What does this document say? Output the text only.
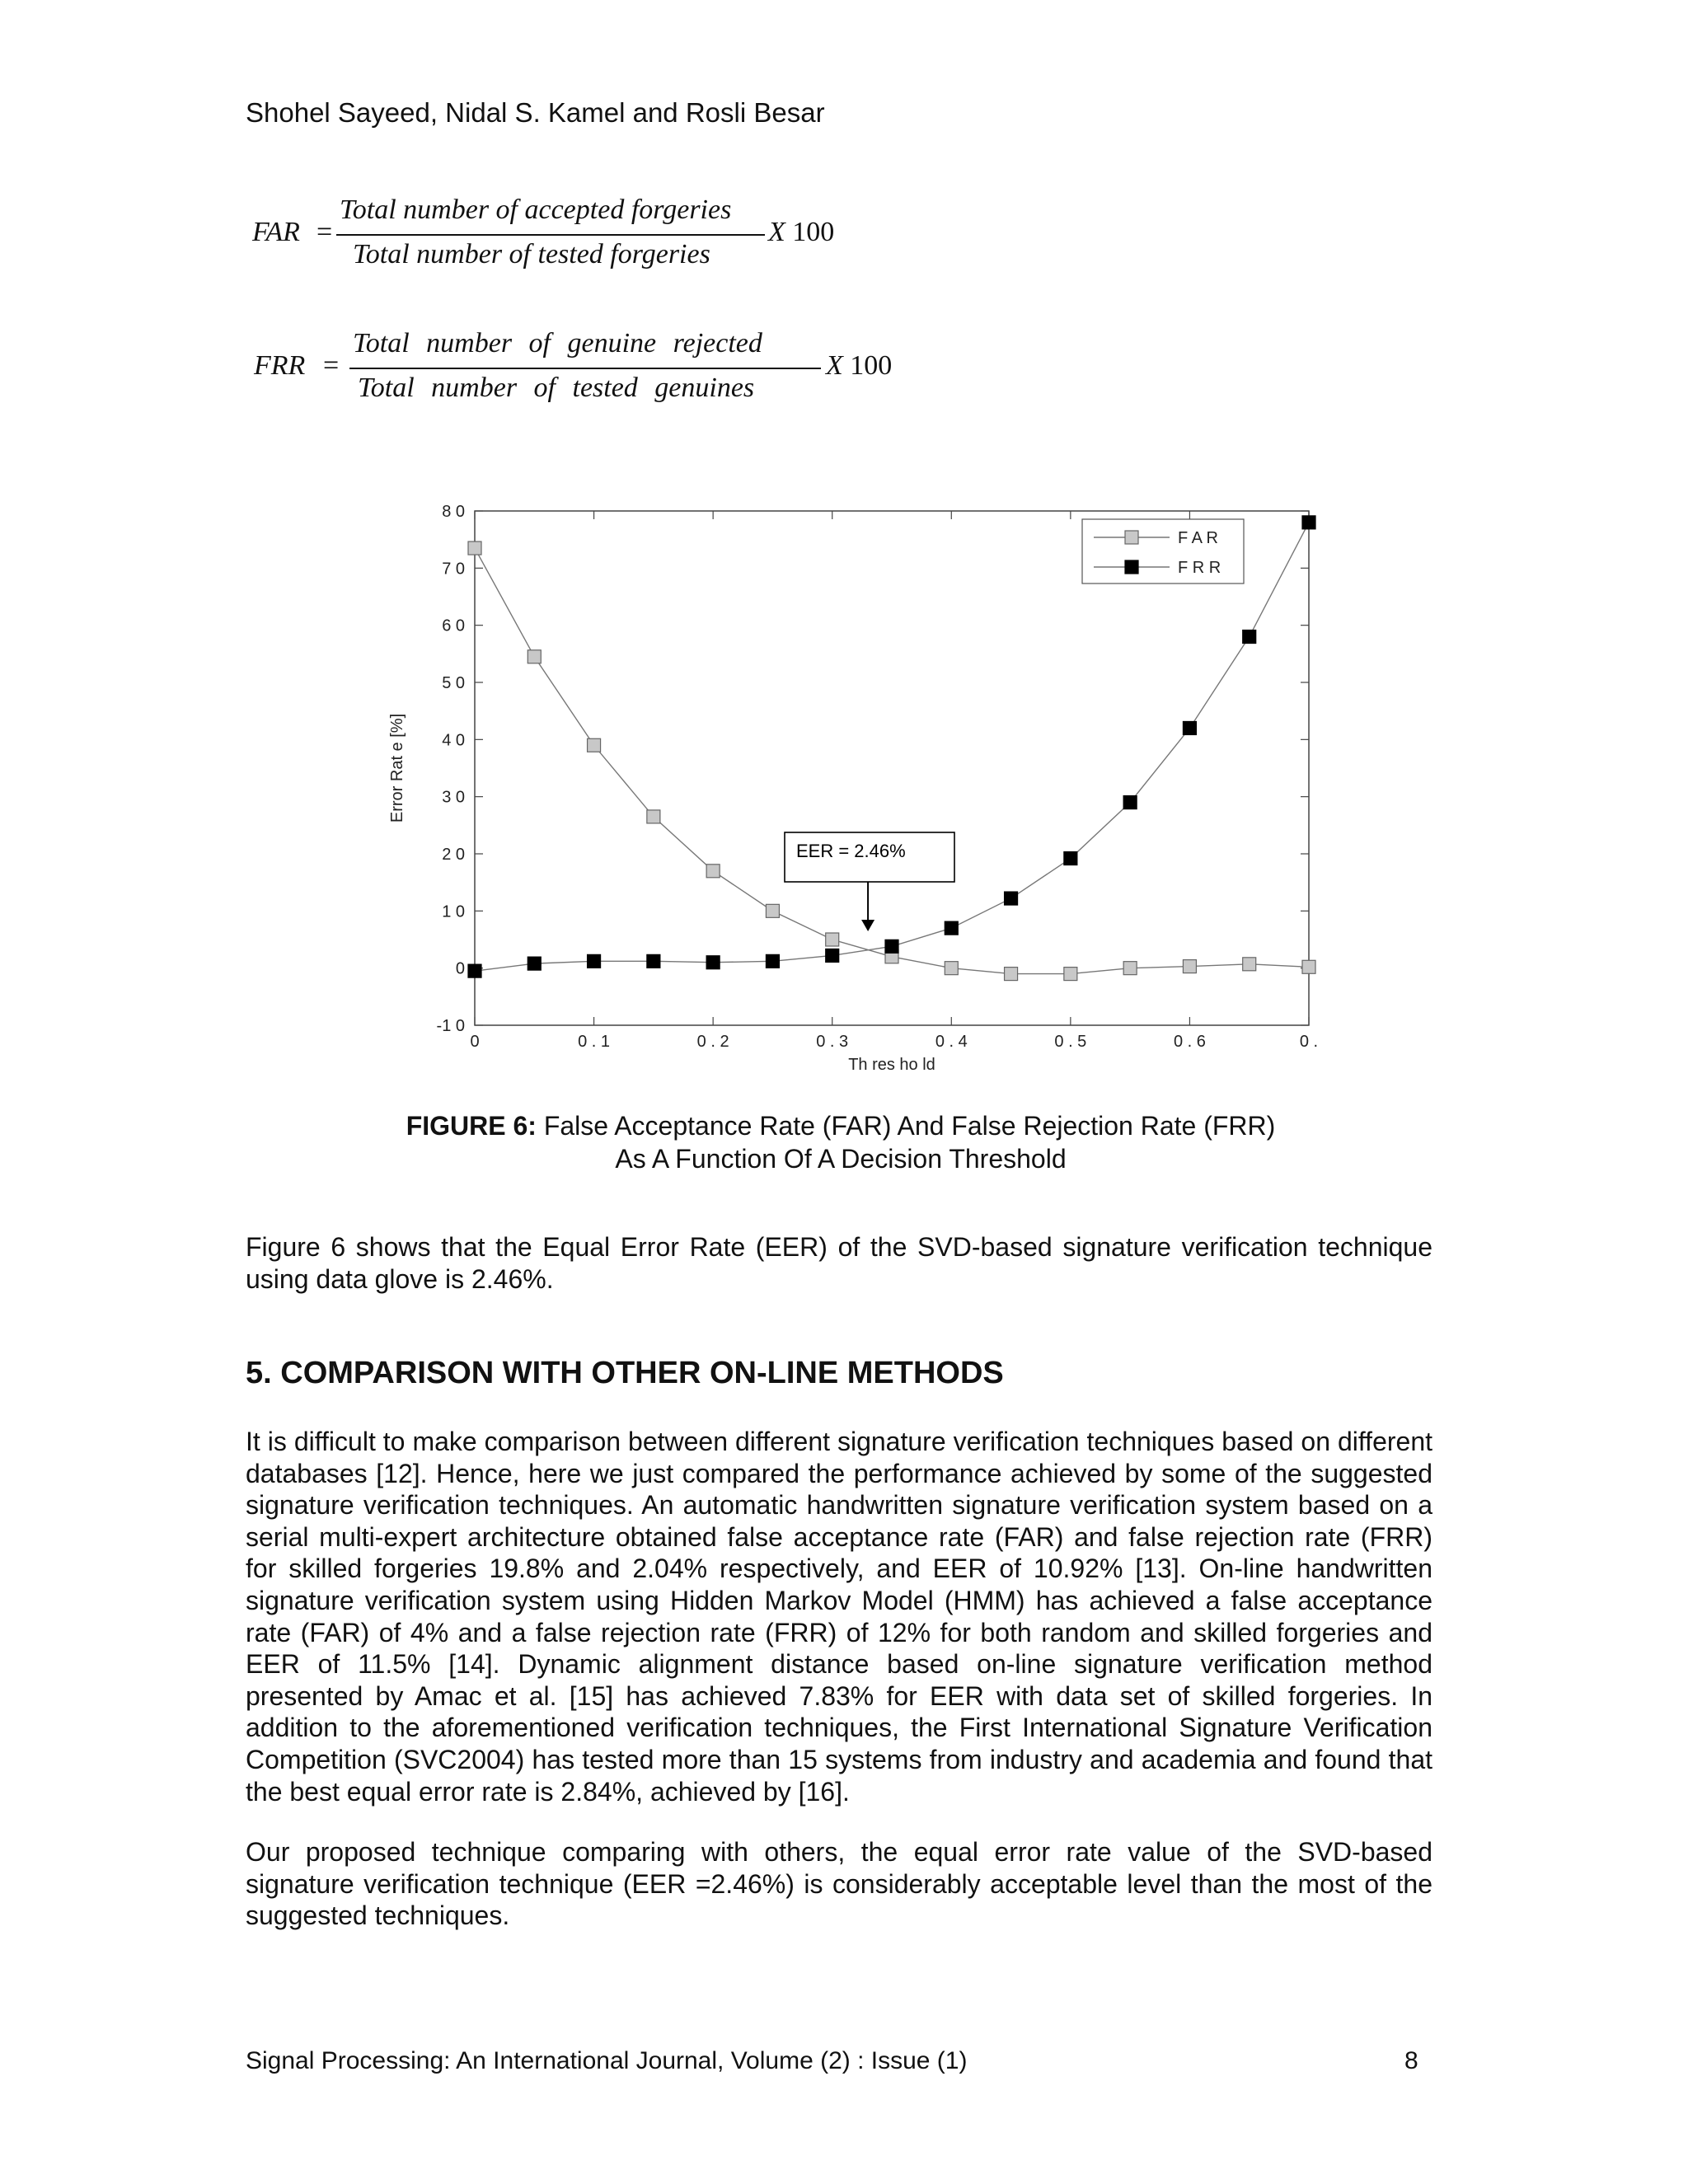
Shohel Sayeed, Nidal S. Kamel and Rosli Besar
FAR =
Total number of accepted forgeries
Total number of tested forgeries
X 100
FRR =
Total number of genuine rejected
Total number of tested genuines
X 100
-1 0
0
1 0
2 0
3 0
4 0
5 0
6 0
7 0
8 0
0	0 . 1	0 . 2	0 . 3	0 . 4	0 . 5	0 . 6	0 .
Th res ho ld
Error Rat e [%]
F A R
F R R
EER = 2.46%
FIGURE 6: False Acceptance Rate (FAR) And False Rejection Rate (FRR)
As A Function Of A Decision Threshold
Figure 6 shows that the Equal Error Rate (EER) of the SVD-based signature verification technique using data glove is 2.46%.
5. COMPARISON WITH OTHER ON-LINE METHODS
It is difficult to make comparison between different signature verification techniques based on different databases [12]. Hence, here we just compared the performance achieved by some of the suggested signature verification techniques. An automatic handwritten signature verification system based on a serial multi-expert architecture obtained false acceptance rate (FAR) and false rejection rate (FRR) for skilled forgeries 19.8% and 2.04% respectively, and EER of 10.92% [13]. On-line handwritten signature verification system using Hidden Markov Model (HMM) has achieved a false acceptance rate (FAR) of 4% and a false rejection rate (FRR) of 12% for both random and skilled forgeries and EER of 11.5% [14]. Dynamic alignment distance based on-line signature verification method presented by Amac et al. [15] has achieved 7.83% for EER with data set of skilled forgeries. In addition to the aforementioned verification techniques, the First International Signature Verification Competition (SVC2004) has tested more than 15 systems from industry and academia and found that the best equal error rate is 2.84%, achieved by [16].
Our proposed technique comparing with others, the equal error rate value of the SVD-based signature verification technique (EER =2.46%) is considerably acceptable level than the most of the suggested techniques.
Signal Processing: An International Journal, Volume (2) : Issue (1)	8
